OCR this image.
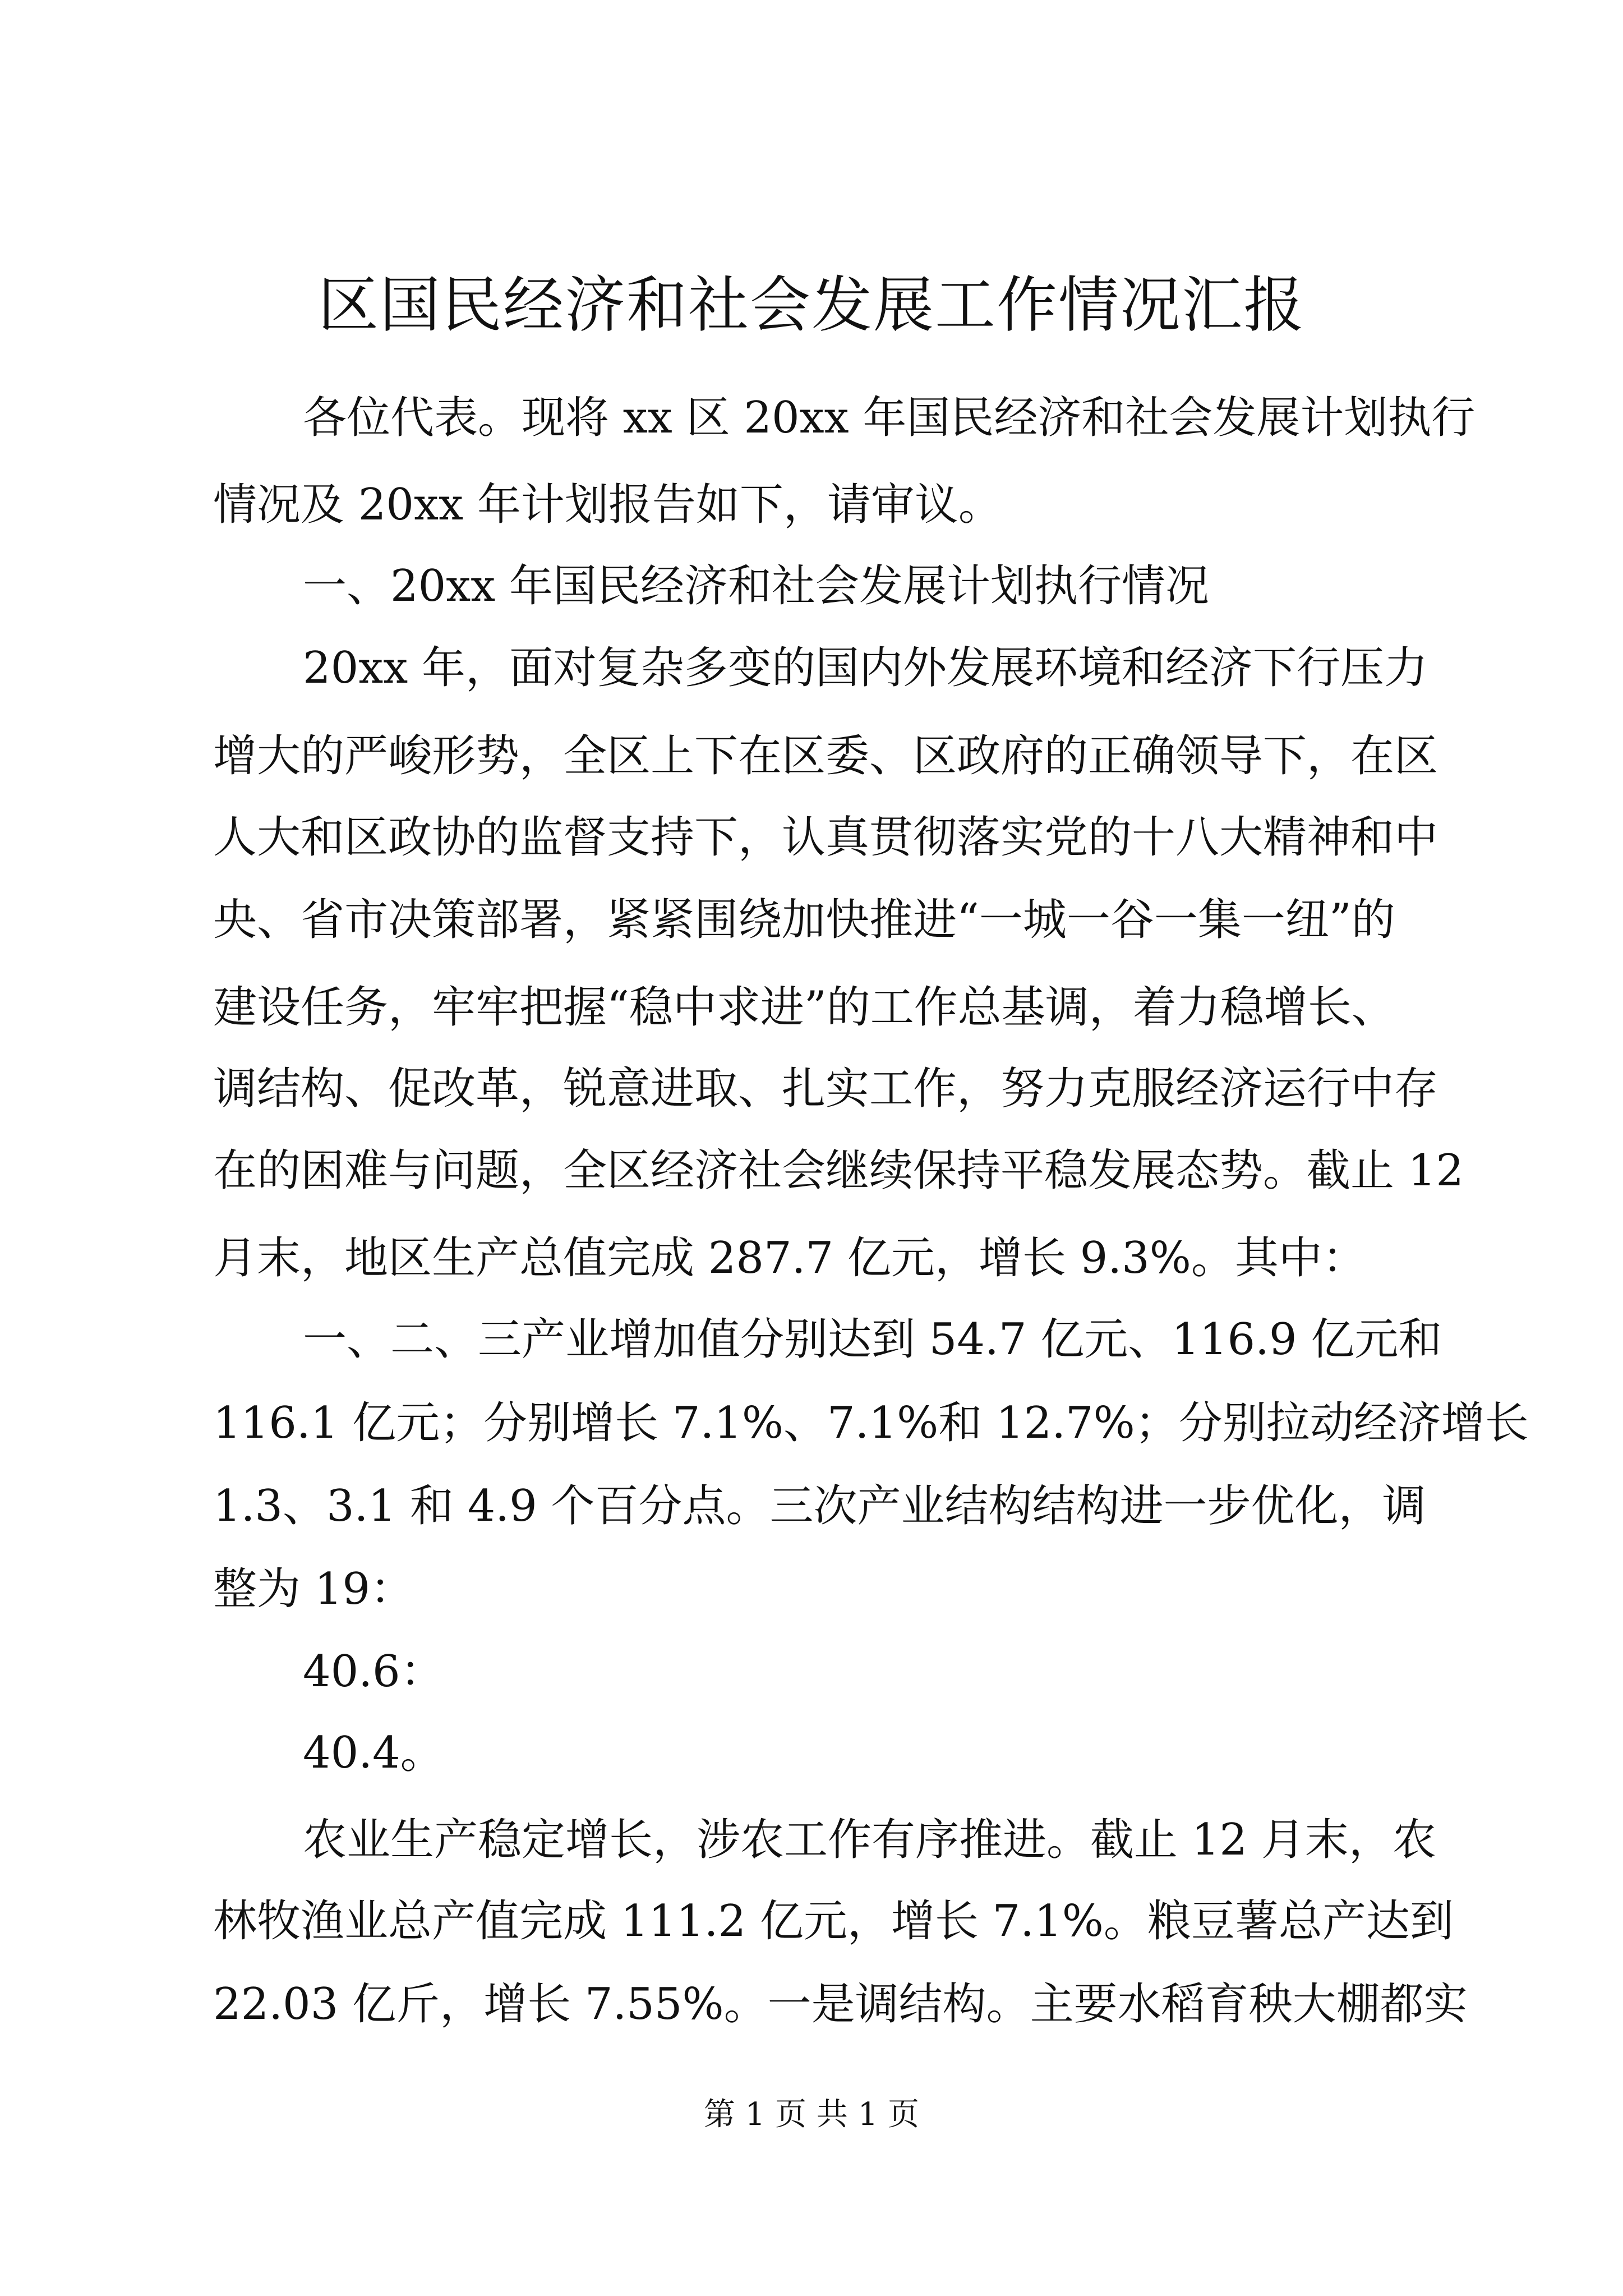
区国民经济和社会发展工作情况汇报
各位代表。现将 xx 区 20xx 年国民经济和社会发展计划执行
情况及 20xx 年计划报告如下，请审议。
一、20xx 年国民经济和社会发展计划执行情况
20xx 年，面对复杂多变的国内外发展环境和经济下行压力
增大的严峻形势，全区上下在区委、区政府的正确领导下，在区
人大和区政协的监督支持下，认真贯彻落实党的十八大精神和中
央、省市决策部署，紧紧围绕加快推进“一城一谷一集一纽”的
建设任务，牢牢把握“稳中求进”的工作总基调，着力稳增长、
调结构、促改革，锐意进取、扎实工作，努力克服经济运行中存
在的困难与问题，全区经济社会继续保持平稳发展态势。截止 12
月末，地区生产总值完成 287.7 亿元，增长 9.3%。其中：
一、二、三产业增加值分别达到 54.7 亿元、116.9 亿元和
116.1 亿元；分别增长 7.1%、7.1%和 12.7%；分别拉动经济增长
1.3、3.1 和 4.9 个百分点。三次产业结构结构进一步优化，调
整为 19：
40.6：
40.4。
农业生产稳定增长，涉农工作有序推进。截止 12 月末，农
林牧渔业总产值完成 111.2 亿元，增长 7.1%。粮豆薯总产达到
22.03 亿斤，增长 7.55%。一是调结构。主要水稻育秧大棚都实
第 1 页 共 1 页
